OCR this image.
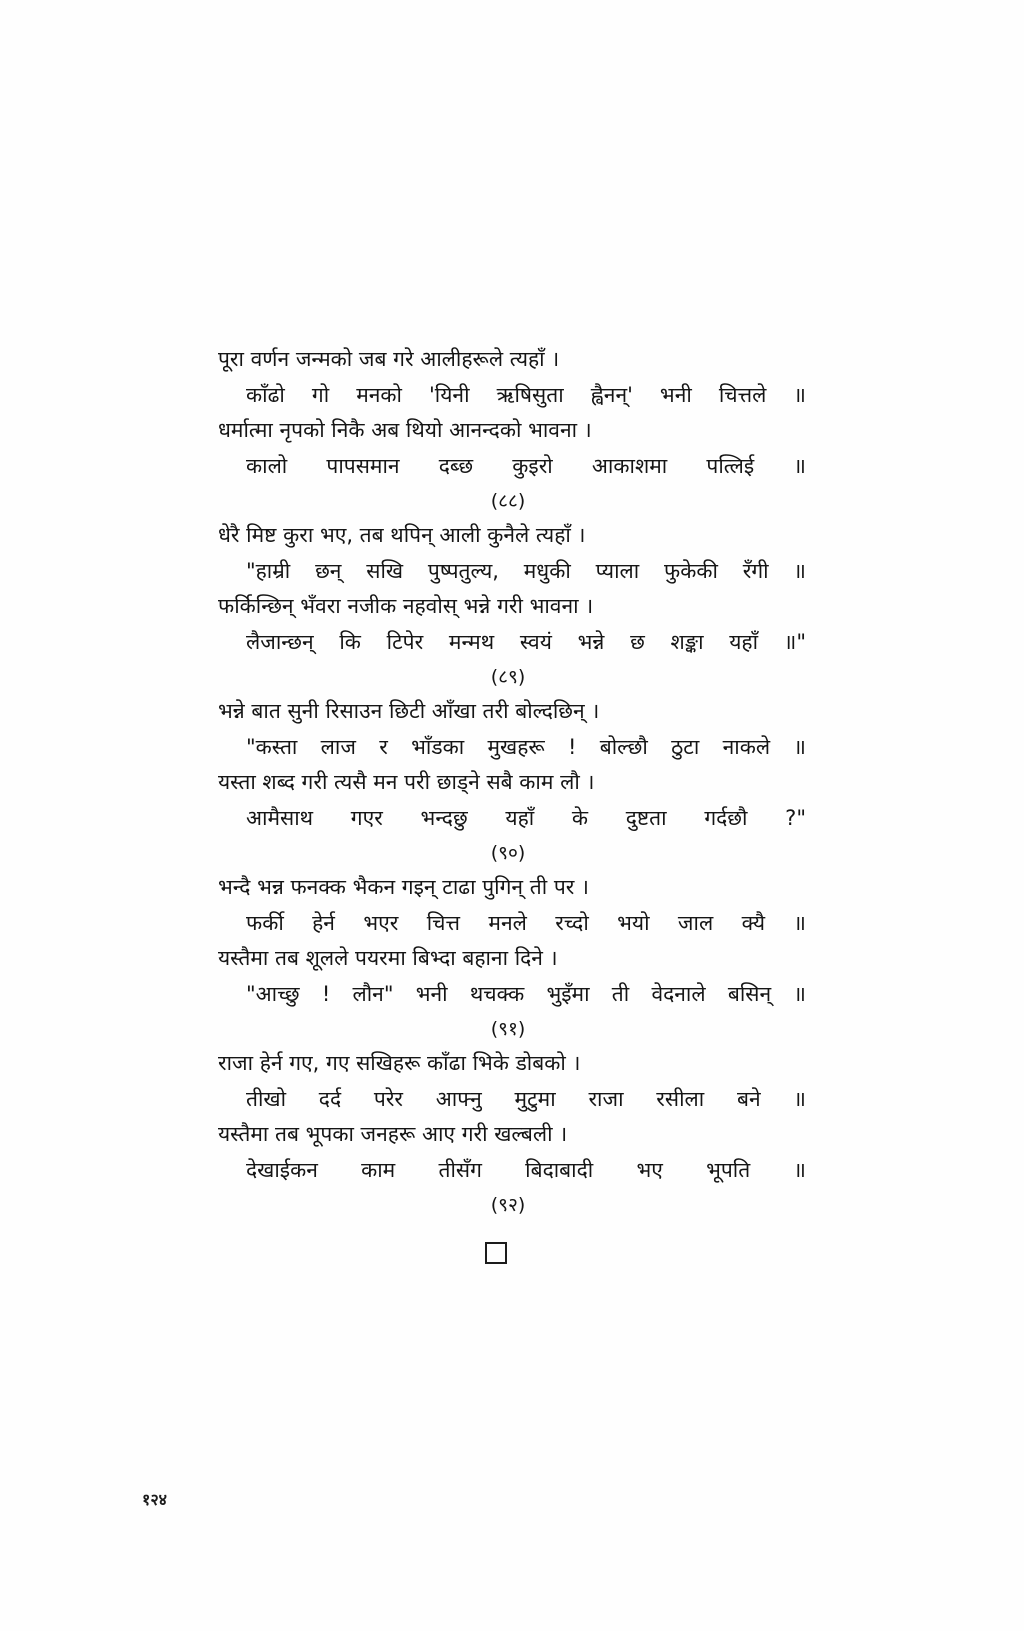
पूरा वर्णन जन्मको जब गरे आलीहरूले त्यहाँ ।
काँढो गो मनको 'यिनी ऋषिसुता ह्वैनन्' भनी चित्तले ॥
धर्मात्मा नृपको निकै अब थियो आनन्दको भावना ।
कालो पापसमान दब्छ कुइरो आकाशमा पत्लिई ॥
(८८)
धेरै मिष्ट कुरा भए, तब थपिन् आली कुनैले त्यहाँ ।
"हाम्री छन् सखि पुष्पतुल्य, मधुकी प्याला फुकेकी रँगी ॥
फर्किन्छिन् भँवरा नजीक नहवोस् भन्ने गरी भावना ।
लैजान्छन् कि टिपेर मन्मथ स्वयं भन्ने छ शङ्का यहाँ ॥"
(८९)
भन्ने बात सुनी रिसाउन छिटी आँखा तरी बोल्दछिन् ।
"कस्ता लाज र भाँडका मुखहरू ! बोल्छौ ठुटा नाकले ॥
यस्ता शब्द गरी त्यसै मन परी छाड्ने सबै काम लौ ।
आमैसाथ गएर भन्दछु यहाँ के दुष्टता गर्दछौ ?"
(९०)
भन्दै भन्न फनक्क भैकन गइन् टाढा पुगिन् ती पर ।
फर्की हेर्न भएर चित्त मनले रच्दो भयो जाल क्यै ॥
यस्तैमा तब शूलले पयरमा बिभ्दा बहाना दिने ।
"आच्छु ! लौन" भनी थचक्क भुइँमा ती वेदनाले बसिन् ॥
(९१)
राजा हेर्न गए, गए सखिहरू काँढा भिके डोबको ।
तीखो दर्द परेर आफ्नु मुटुमा राजा रसीला बने ॥
यस्तैमा तब भूपका जनहरू आए गरी खल्बली ।
देखाईकन काम तीसँग बिदाबादी भए भूपति ॥
(९२)
१२४
